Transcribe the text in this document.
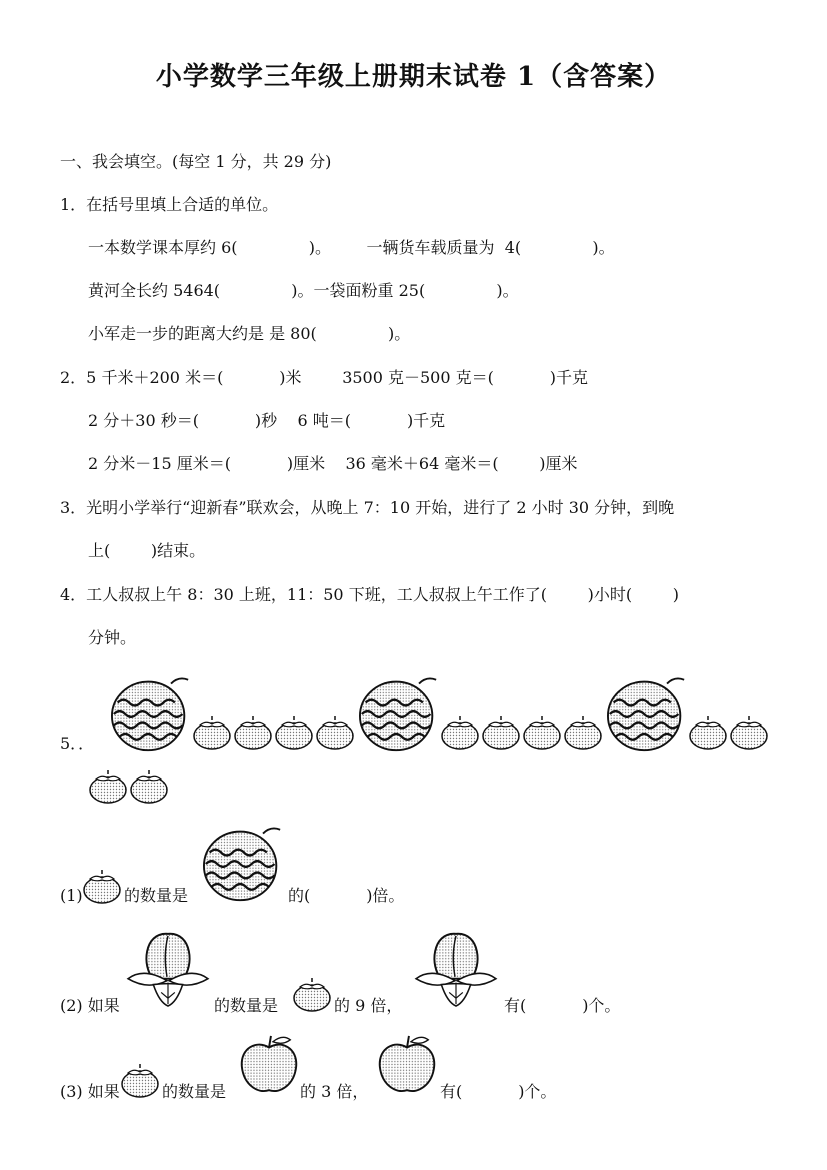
小学数学三年级上册期末试卷 1（含答案）
一、我会填空。(每空 1 分，共 29 分)
1．在括号里填上合适的单位。
一本数学课本厚约 6(              )。       一辆货车载质量为  4(              )。
黄河全长约 5464(              )。一袋面粉重 25(              )。
小军走一步的距离大约是 是 80(              )。
2．5 千米＋200 米＝(           )米        3500 克－500 克＝(           )千克
2 分＋30 秒＝(           )秒    6 吨＝(           )千克
2 分米－15 厘米＝(           )厘米    36 毫米＋64 毫米＝(        )厘米
3．光明小学举行“迎新春”联欢会，从晚上 7：10 开始，进行了 2 小时 30 分钟，到晚
上(        )结束。
4．工人叔叔上午 8：30 上班，11：50 下班，工人叔叔上午工作了(        )小时(        )
分钟。
5．．
(1)	的数量是	的(           )倍。
(2) 如果	的数量是	的 9 倍，	有(           )个。
(3) 如果	的数量是	的 3 倍，	有(           )个。
